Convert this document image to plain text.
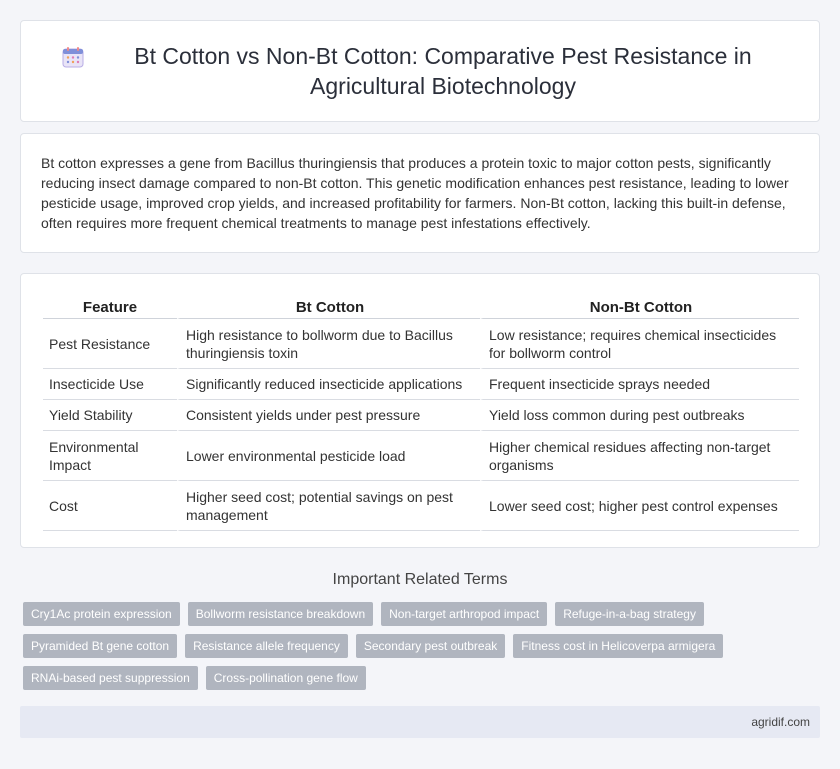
Bt Cotton vs Non-Bt Cotton: Comparative Pest Resistance in Agricultural Biotechnology

Bt cotton expresses a gene from Bacillus thuringiensis that produces a protein toxic to major cotton pests, significantly reducing insect damage compared to non-Bt cotton. This genetic modification enhances pest resistance, leading to lower pesticide usage, improved crop yields, and increased profitability for farmers. Non-Bt cotton, lacking this built-in defense, often requires more frequent chemical treatments to manage pest infestations effectively.

Feature	Bt Cotton	Non-Bt Cotton
Pest Resistance	High resistance to bollworm due to Bacillus thuringiensis toxin	Low resistance; requires chemical insecticides for bollworm control
Insecticide Use	Significantly reduced insecticide applications	Frequent insecticide sprays needed
Yield Stability	Consistent yields under pest pressure	Yield loss common during pest outbreaks
Environmental Impact	Lower environmental pesticide load	Higher chemical residues affecting non-target organisms
Cost	Higher seed cost; potential savings on pest management	Lower seed cost; higher pest control expenses
Important Related Terms
Cry1Ac protein expression	Bollworm resistance breakdown	Non-target arthropod impact	Refuge-in-a-bag strategy
Pyramided Bt gene cotton	Resistance allele frequency	Secondary pest outbreak	Fitness cost in Helicoverpa armigera
RNAi-based pest suppression	Cross-pollination gene flow
agridif.com
